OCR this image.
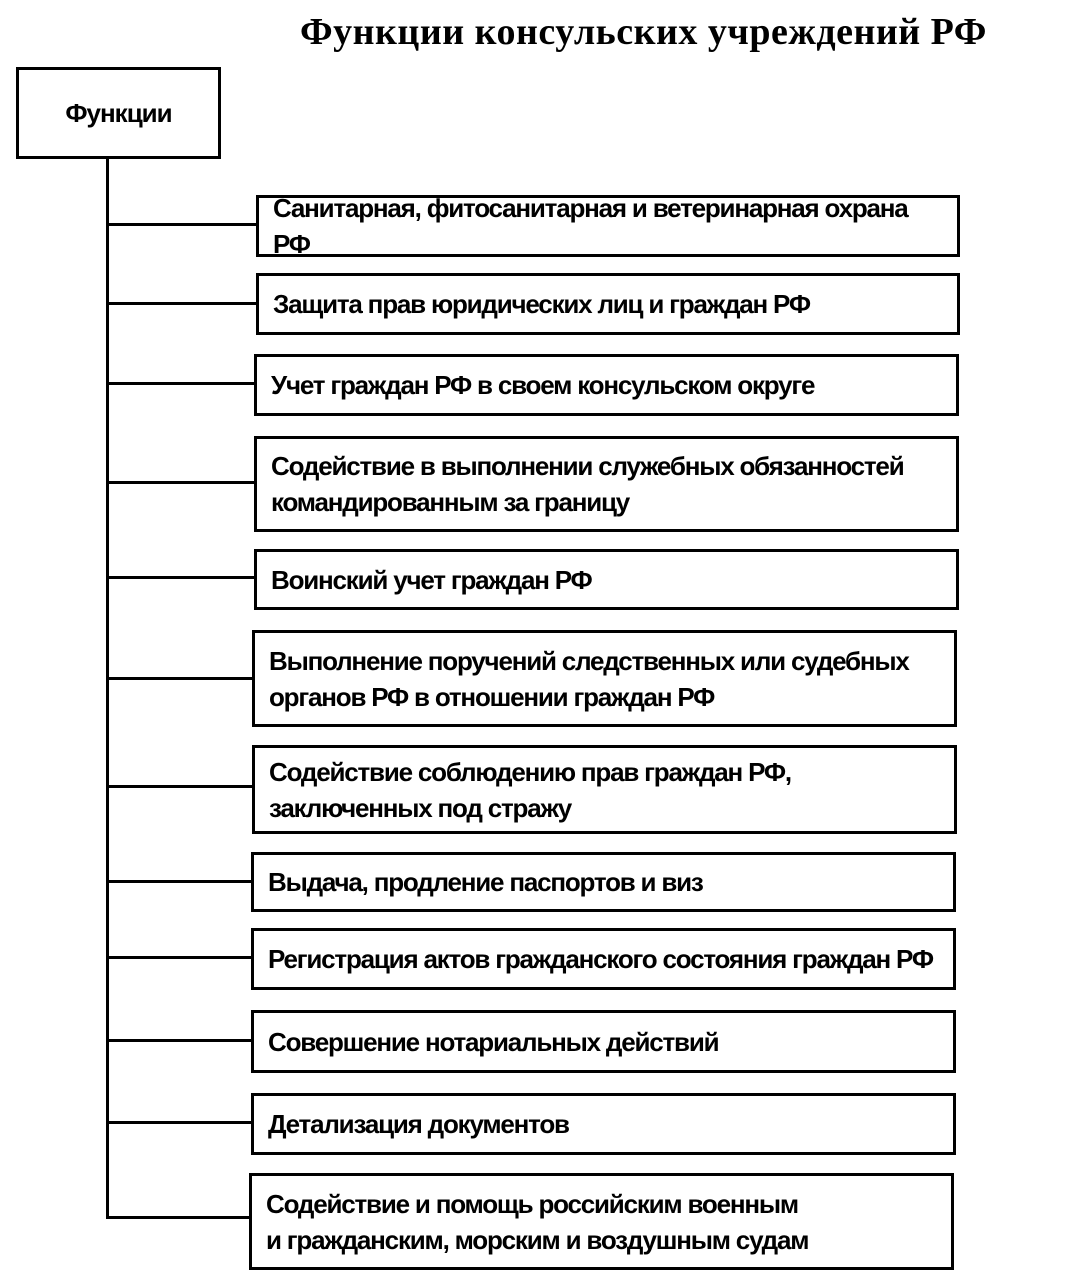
Функции консульских учреждений РФ
Функции
Санитарная, фитосанитарная и ветеринарная охрана РФ
Защита прав юридических лиц и граждан РФ
Учет граждан РФ в своем консульском округе
Содействие в выполнении служебных обязанностей
командированным за границу
Воинский учет граждан РФ
Выполнение поручений следственных или судебных
органов РФ в отношении граждан РФ
Содействие соблюдению прав граждан РФ,
заключенных под стражу
Выдача, продление паспортов и виз
Регистрация актов гражданского состояния граждан РФ
Совершение нотариальных действий
Детализация документов
Содействие и помощь российским военным
и гражданским, морским и воздушным судам
